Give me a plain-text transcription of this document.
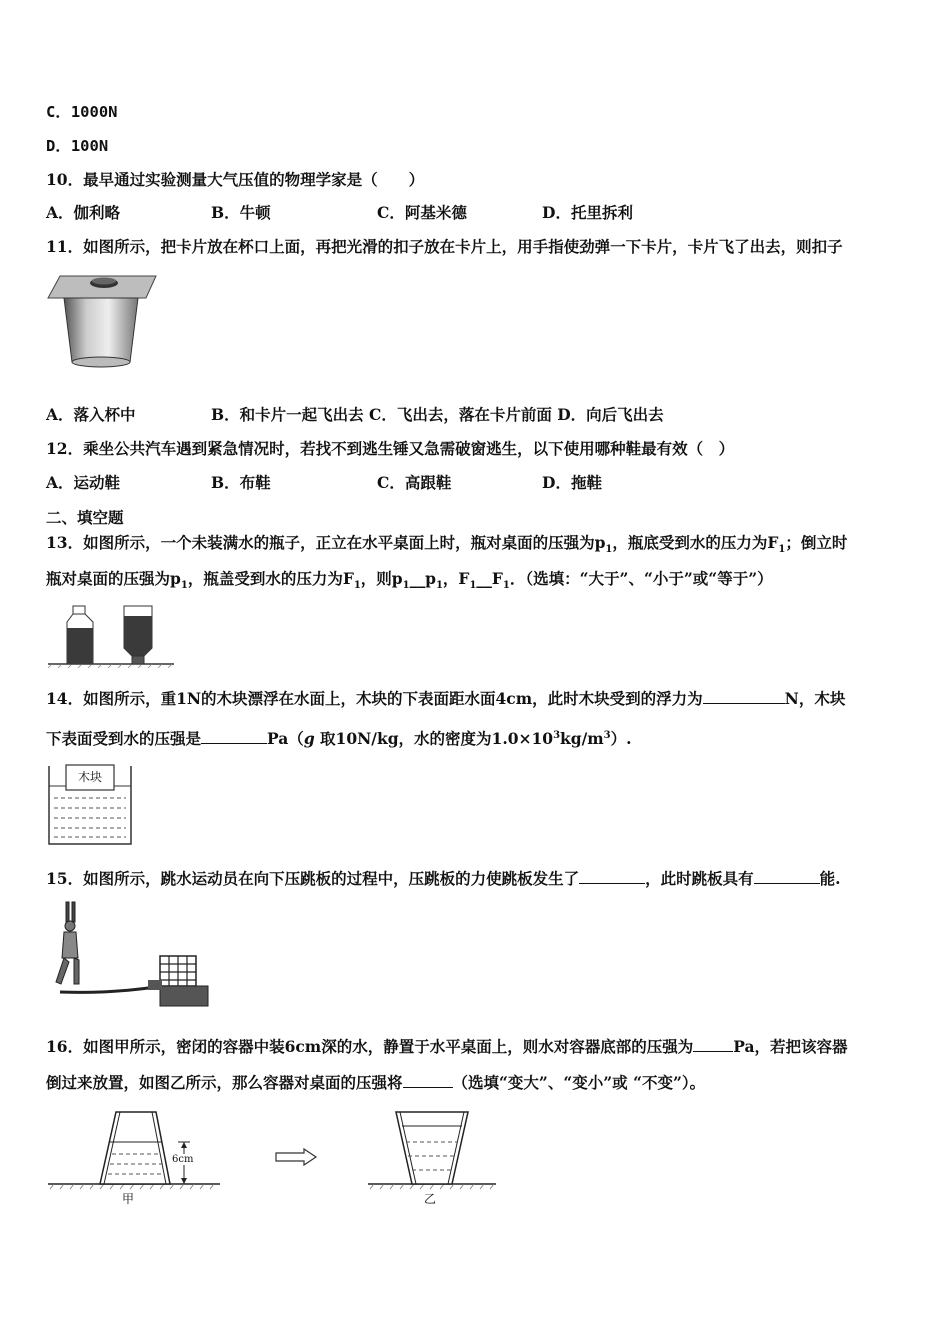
C．1000N
D．100N
10．最早通过实验测量大气压值的物理学家是（　　）
A．伽利略	B．牛顿	C．阿基米德	D．托里拆利
11．如图所示，把卡片放在杯口上面，再把光滑的扣子放在卡片上，用手指使劲弹一下卡片，卡片飞了出去，则扣子
A．落入杯中	B．和卡片一起飞出去 C．飞出去，落在卡片前面 D．向后飞出去
12．乘坐公共汽车遇到紧急情况时，若找不到逃生锤又急需破窗逃生，以下使用哪种鞋最有效（　）
A．运动鞋	B．布鞋	C．高跟鞋	D．拖鞋
二、填空题
13．如图所示，一个未装满水的瓶子，正立在水平桌面上时，瓶对桌面的压强为$p_1$，瓶底受到水的压力为$F_1$；倒立时
瓶对桌面的压强为$p_1$，瓶盖受到水的压力为$F_1$，则$p_1\_\_p_1$，$F_1\_\_F_1$．（选填：“大于”、“小于”或“等于”）
14．如图所示，重1N的木块漂浮在水面上，木块的下表面距水面4cm，此时木块受到的浮力为	N，木块
下表面受到水的压强是	Pa（g 取10N/kg，水的密度为$1.0\times 10^3kg/m^3$）.
木块
15．如图所示，跳水运动员在向下压跳板的过程中，压跳板的力使跳板发生了	，此时跳板具有	能.
16．如图甲所示，密闭的容器中装6cm深的水，静置于水平桌面上，则水对容器底部的压强为	Pa，若把该容器
倒过来放置，如图乙所示，那么容器对桌面的压强将	（选填“变大”、“变小”或 “不变”）。
6cm
甲	乙
